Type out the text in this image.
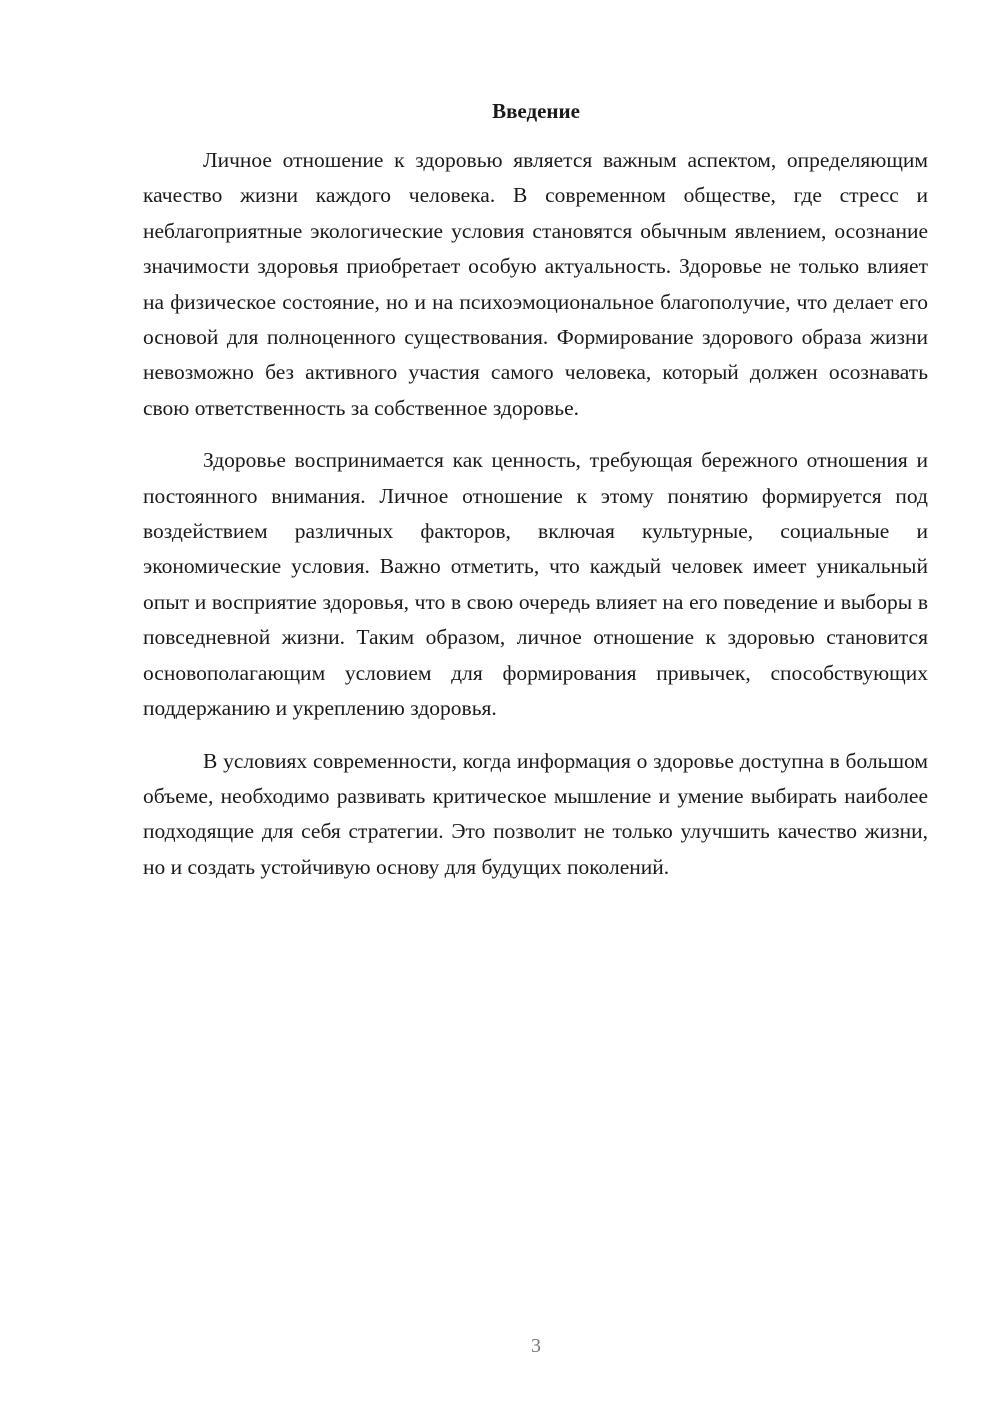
Введение

Личное отношение к здоровью является важным аспектом, определяющим качество жизни каждого человека. В современном обществе, где стресс и неблагоприятные экологические условия становятся обычным явлением, осознание значимости здоровья приобретает особую актуальность. Здоровье не только влияет на физическое состояние, но и на психоэмоциональное благополучие, что делает его основой для полноценного существования. Формирование здорового образа жизни невозможно без активного участия самого человека, который должен осознавать свою ответственность за собственное здоровье.

Здоровье воспринимается как ценность, требующая бережного отношения и постоянного внимания. Личное отношение к этому понятию формируется под воздействием различных факторов, включая культурные, социальные и экономические условия. Важно отметить, что каждый человек имеет уникальный опыт и восприятие здоровья, что в свою очередь влияет на его поведение и выборы в повседневной жизни. Таким образом, личное отношение к здоровью становится основополагающим условием для формирования привычек, способствующих поддержанию и укреплению здоровья.

В условиях современности, когда информация о здоровье доступна в большом объеме, необходимо развивать критическое мышление и умение выбирать наиболее подходящие для себя стратегии. Это позволит не только улучшить качество жизни, но и создать устойчивую основу для будущих поколений.

3
